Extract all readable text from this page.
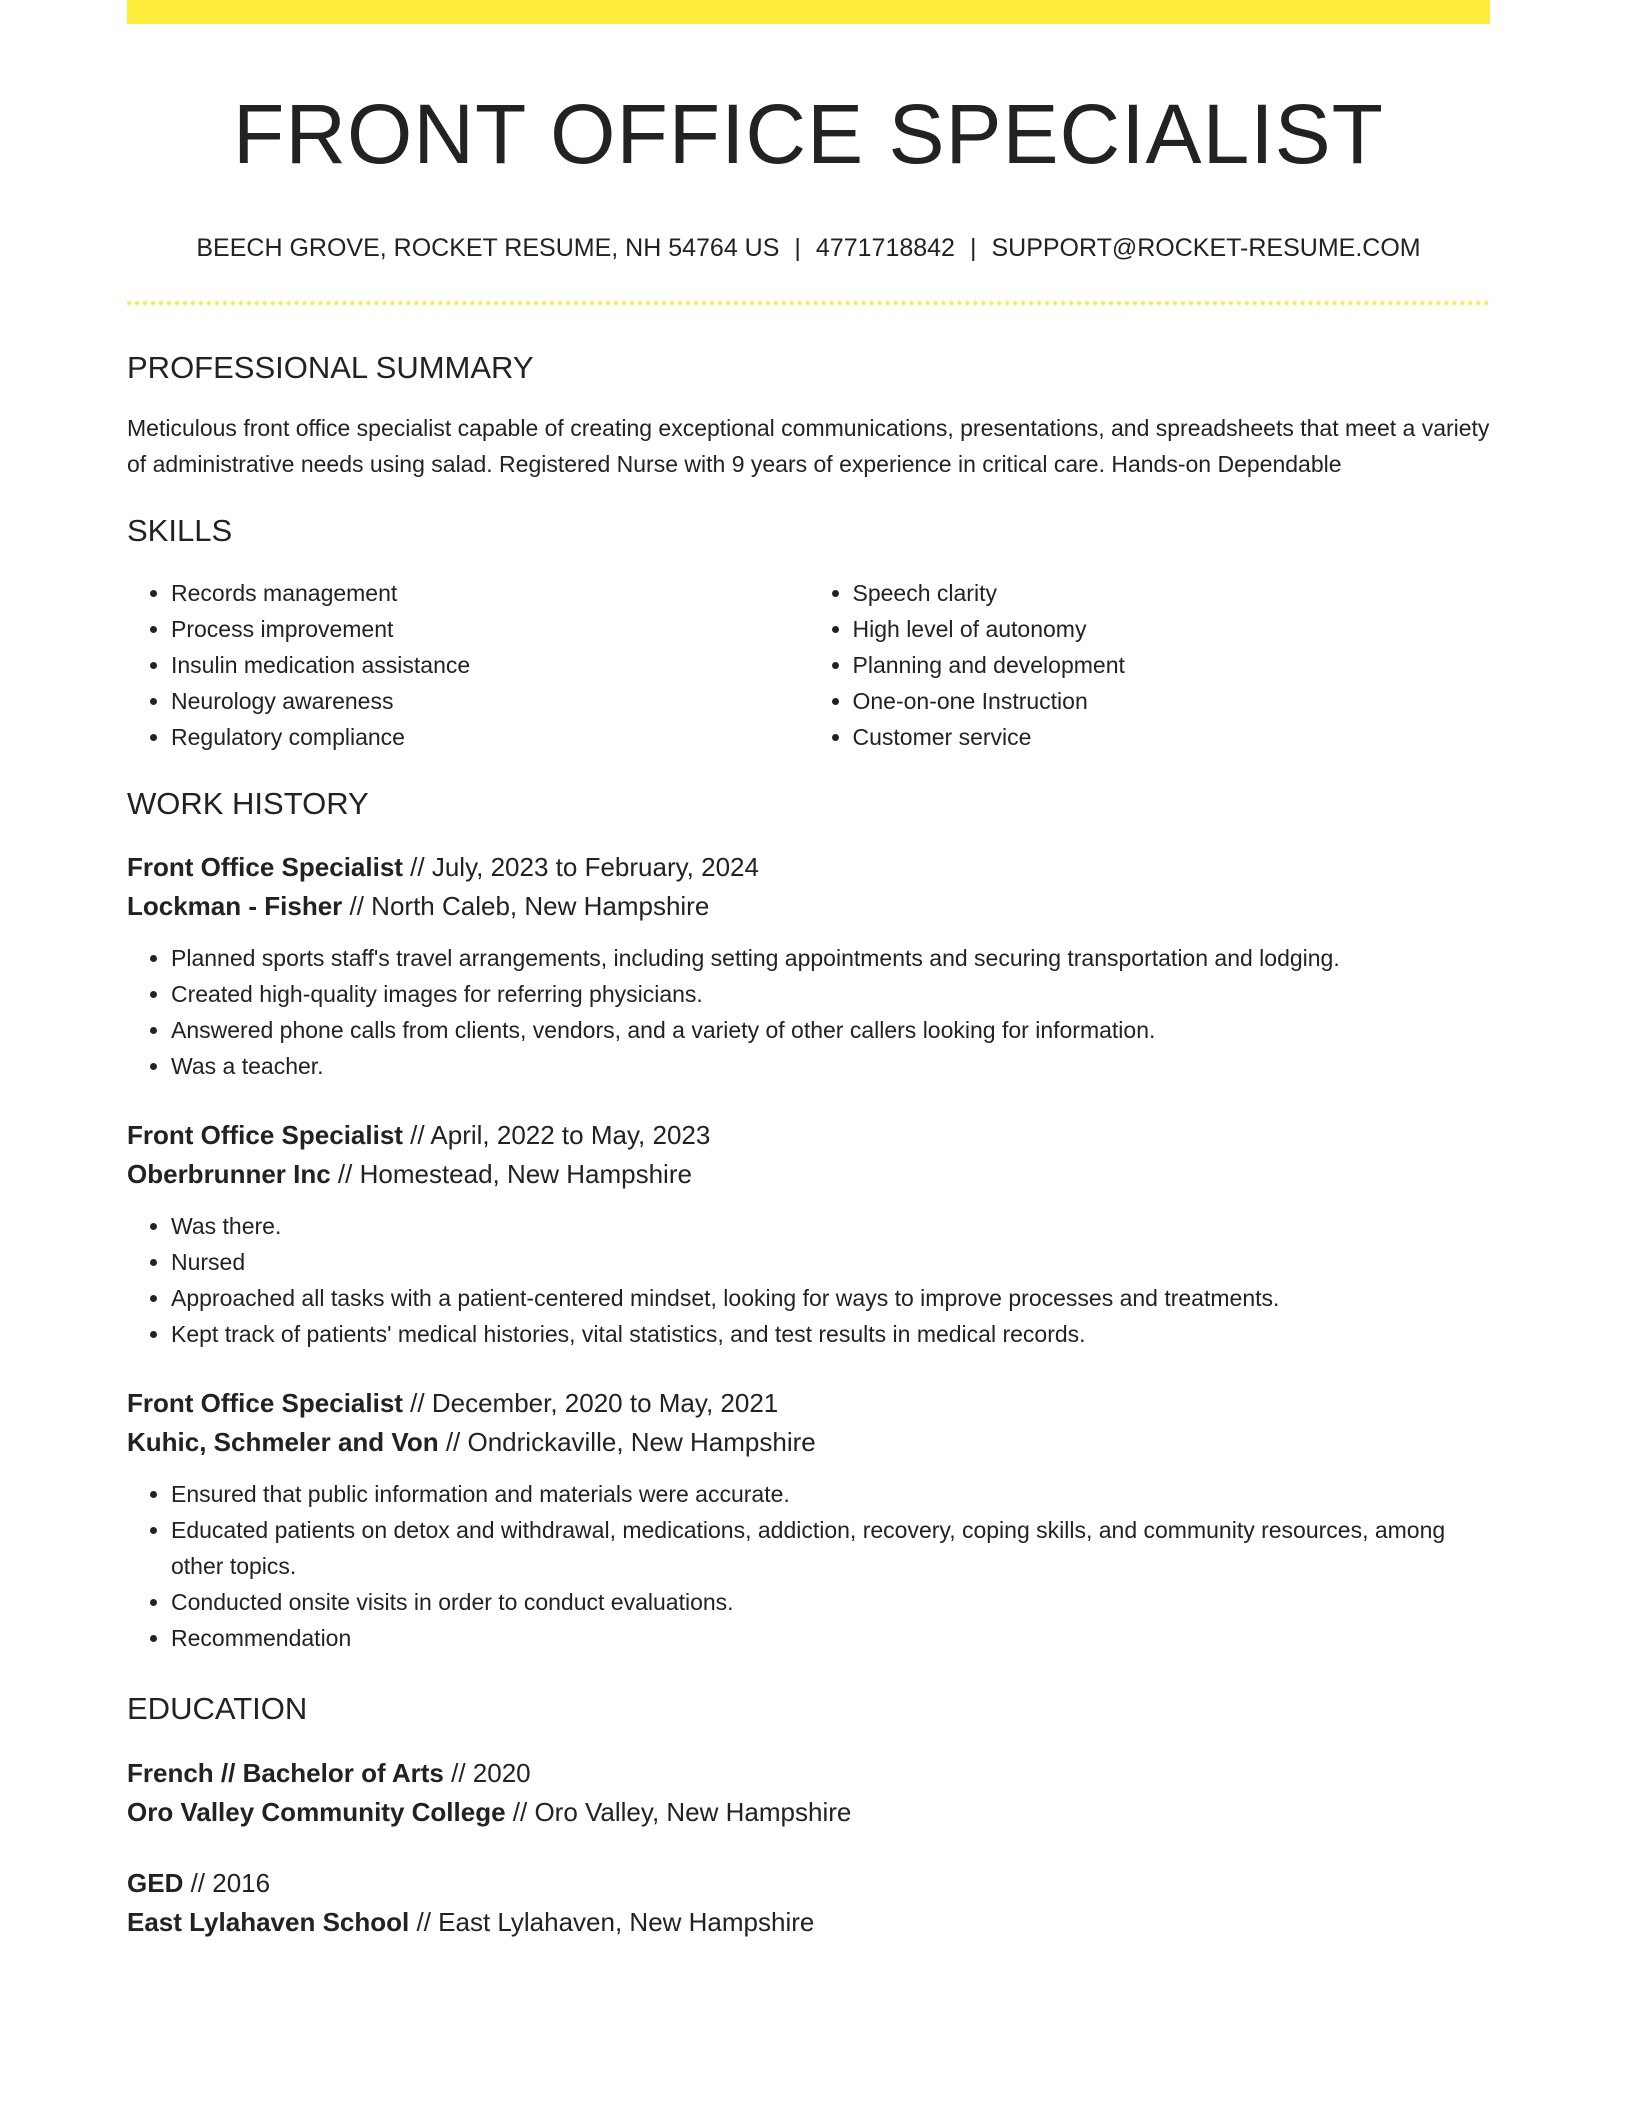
FRONT OFFICE SPECIALIST
BEECH GROVE, ROCKET RESUME, NH 54764 US | 4771718842 | SUPPORT@ROCKET-RESUME.COM
PROFESSIONAL SUMMARY

Meticulous front office specialist capable of creating exceptional communications, presentations, and spreadsheets that meet a variety of administrative needs using salad. Registered Nurse with 9 years of experience in critical care. Hands-on Dependable

SKILLS
• Records management
• Process improvement
• Insulin medication assistance
• Neurology awareness
• Regulatory compliance
• Speech clarity
• High level of autonomy
• Planning and development
• One-on-one Instruction
• Customer service
WORK HISTORY
Front Office Specialist // July, 2023 to February, 2024
Lockman - Fisher // North Caleb, New Hampshire
• Planned sports staff's travel arrangements, including setting appointments and securing transportation and lodging.
• Created high-quality images for referring physicians.
• Answered phone calls from clients, vendors, and a variety of other callers looking for information.
• Was a teacher.
Front Office Specialist // April, 2022 to May, 2023
Oberbrunner Inc // Homestead, New Hampshire
• Was there.
• Nursed
• Approached all tasks with a patient-centered mindset, looking for ways to improve processes and treatments.
• Kept track of patients' medical histories, vital statistics, and test results in medical records.
Front Office Specialist // December, 2020 to May, 2021
Kuhic, Schmeler and Von // Ondrickaville, New Hampshire
• Ensured that public information and materials were accurate.
• Educated patients on detox and withdrawal, medications, addiction, recovery, coping skills, and community resources, among other topics.
• Conducted onsite visits in order to conduct evaluations.
• Recommendation
EDUCATION
French // Bachelor of Arts // 2020
Oro Valley Community College // Oro Valley, New Hampshire
GED // 2016
East Lylahaven School // East Lylahaven, New Hampshire
